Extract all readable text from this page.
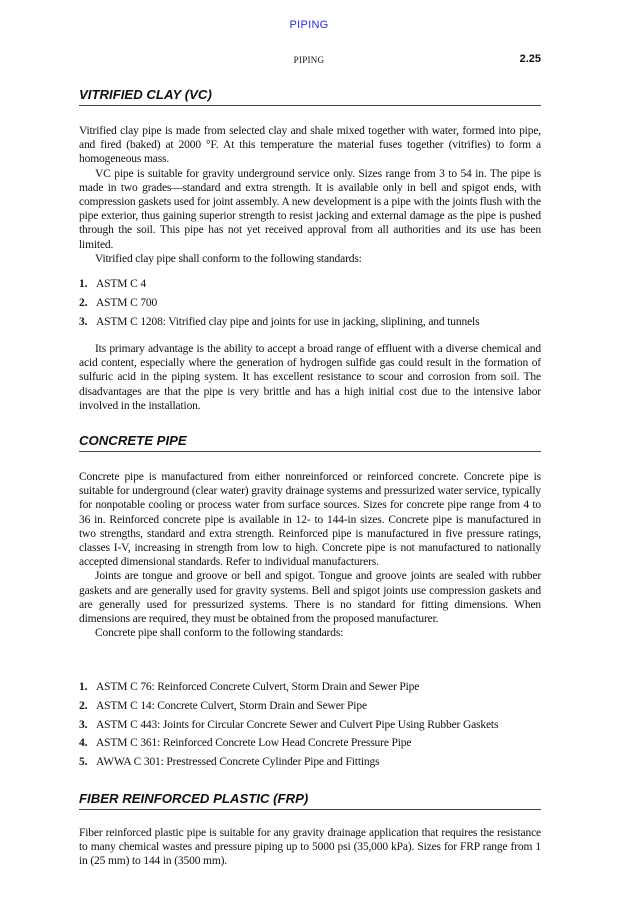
PIPING
PIPING	2.25
VITRIFIED CLAY (VC)

Vitrified clay pipe is made from selected clay and shale mixed together with water, formed into pipe, and fired (baked) at 2000 °F. At this temperature the material fuses together (vitrifies) to form a homogeneous mass.

VC pipe is suitable for gravity underground service only. Sizes range from 3 to 54 in. The pipe is made in two grades—standard and extra strength. It is available only in bell and spigot ends, with compression gaskets used for joint assembly. A new development is a pipe with the joints flush with the pipe exterior, thus gaining superior strength to resist jacking and external damage as the pipe is pushed through the soil. This pipe has not yet received approval from all authorities and its use has been limited.

Vitrified clay pipe shall conform to the following standards:

1. ASTM C 4
2. ASTM C 700
3. ASTM C 1208: Vitrified clay pipe and joints for use in jacking, sliplining, and tunnels

Its primary advantage is the ability to accept a broad range of effluent with a diverse chemical and acid content, especially where the generation of hydrogen sulfide gas could result in the formation of sulfuric acid in the piping system. It has excellent resistance to scour and corrosion from soil. The disadvantages are that the pipe is very brittle and has a high initial cost due to the intensive labor involved in the installation.

CONCRETE PIPE

Concrete pipe is manufactured from either nonreinforced or reinforced concrete. Concrete pipe is suitable for underground (clear water) gravity drainage systems and pressurized water service, typically for nonpotable cooling or process water from surface sources. Sizes for concrete pipe range from 4 to 36 in. Reinforced concrete pipe is available in 12- to 144-in sizes. Concrete pipe is manufactured in two strengths, standard and extra strength. Reinforced pipe is manufactured in five pressure ratings, classes I-V, increasing in strength from low to high. Concrete pipe is not manufactured to nationally accepted dimensional standards. Refer to individual manufacturers.

Joints are tongue and groove or bell and spigot. Tongue and groove joints are sealed with rubber gaskets and are generally used for gravity systems. Bell and spigot joints use compression gaskets and are generally used for pressurized systems. There is no standard for fitting dimensions. When dimensions are required, they must be obtained from the proposed manufacturer.

Concrete pipe shall conform to the following standards:

1. ASTM C 76: Reinforced Concrete Culvert, Storm Drain and Sewer Pipe
2. ASTM C 14: Concrete Culvert, Storm Drain and Sewer Pipe
3. ASTM C 443: Joints for Circular Concrete Sewer and Culvert Pipe Using Rubber Gaskets
4. ASTM C 361: Reinforced Concrete Low Head Concrete Pressure Pipe
5. AWWA C 301: Prestressed Concrete Cylinder Pipe and Fittings
FIBER REINFORCED PLASTIC (FRP)

Fiber reinforced plastic pipe is suitable for any gravity drainage application that requires the resistance to many chemical wastes and pressure piping up to 5000 psi (35,000 kPa). Sizes for FRP range from 1 in (25 mm) to 144 in (3500 mm).
